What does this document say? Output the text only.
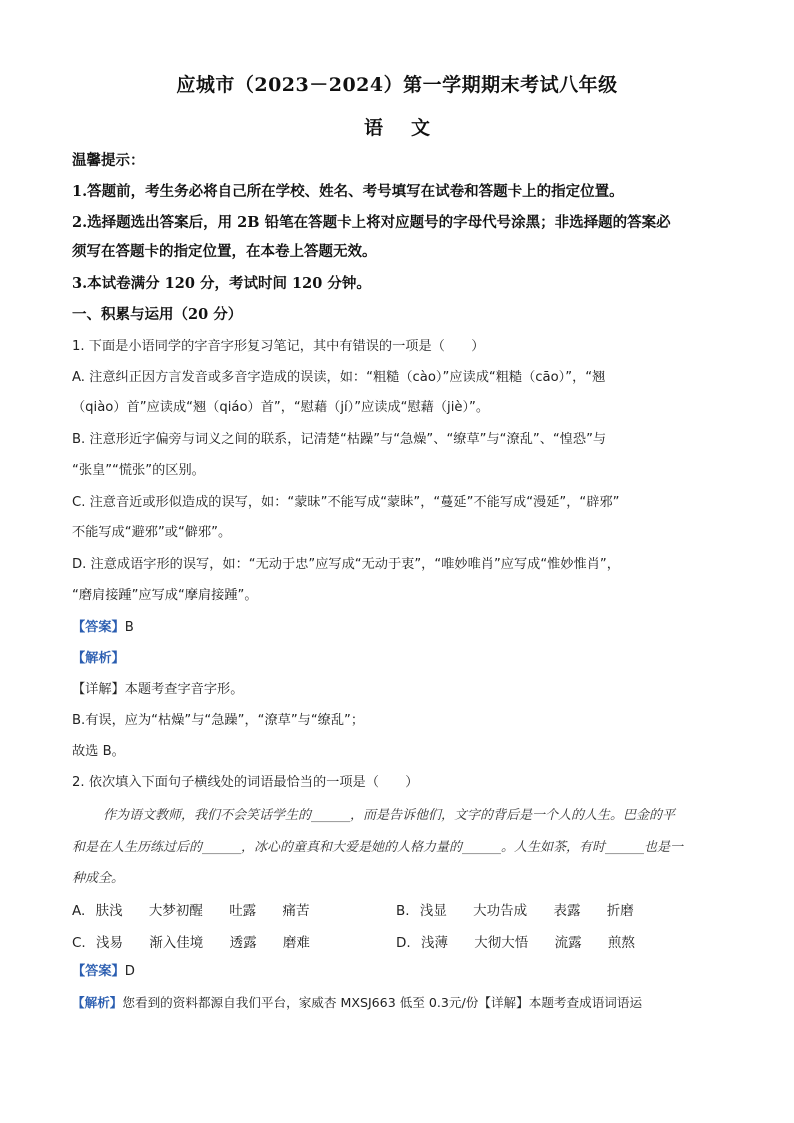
应城市（2023－2024）第一学期期末考试八年级
语文
温馨提示：
1.答题前，考生务必将自己所在学校、姓名、考号填写在试卷和答题卡上的指定位置。
2.选择题选出答案后，用 2B 铅笔在答题卡上将对应题号的字母代号涂黑；非选择题的答案必
须写在答题卡的指定位置，在本卷上答题无效。
3.本试卷满分 120 分，考试时间 120 分钟。
一、积累与运用（20 分）
1. 下面是小语同学的字音字形复习笔记，其中有错误的一项是（　　）
A. 注意纠正因方言发音或多音字造成的误读，如：“粗糙（cào）”应读成“粗糙（cāo）”，“翘
（qiào）首”应读成“翘（qiáo）首”，“慰藉（jí）”应读成“慰藉（jiè）”。
B. 注意形近字偏旁与词义之间的联系，记清楚“枯躁”与“急燥”、“缭草”与“潦乱”、“惶恐”与
“张皇”“慌张”的区别。
C. 注意音近或形似造成的误写，如：“蒙昧”不能写成“蒙眛”，“蔓延”不能写成“漫延”，“辟邪”
不能写成“避邪”或“僻邪”。
D. 注意成语字形的误写，如：“无动于忠”应写成“无动于衷”，“唯妙唯肖”应写成“惟妙惟肖”，
“磨肩接踵”应写成“摩肩接踵”。
【答案】B
【解析】
【详解】本题考查字音字形。
B.有误，应为“枯燥”与“急躁”，“潦草”与“缭乱”；
故选 B。
2. 依次填入下面句子横线处的词语最恰当的一项是（　　）
作为语文教师，我们不会笑话学生的______，而是告诉他们，文字的背后是一个人的人生。巴金的平
和是在人生历练过后的______，冰心的童真和大爱是她的人格力量的______。人生如茶，有时______也是一
种成全。
A. 肤浅 大梦初醒 吐露 痛苦	B. 浅显 大功告成 表露 折磨
C. 浅易 渐入佳境 透露 磨难	D. 浅薄 大彻大悟 流露 煎熬
【答案】D
【解析】您看到的资料都源自我们平台，家威杏 MXSJ663 低至 0.3元/份【详解】本题考查成语词语运
